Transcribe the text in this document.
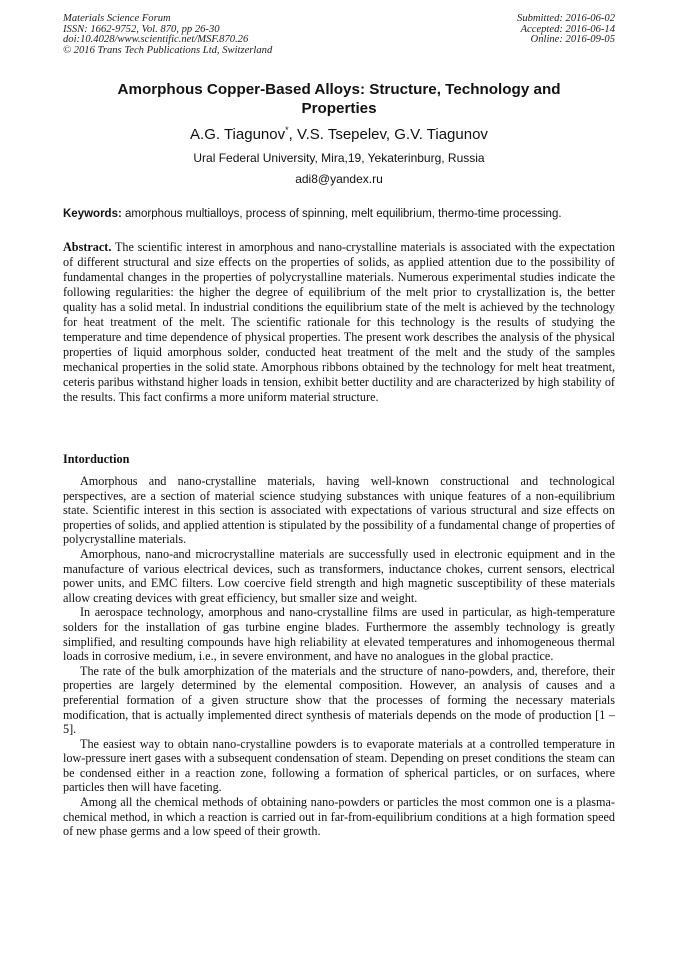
Materials Science Forum
ISSN: 1662-9752, Vol. 870, pp 26-30
doi:10.4028/www.scientific.net/MSF.870.26
© 2016 Trans Tech Publications Ltd, Switzerland
Submitted: 2016-06-02
Accepted: 2016-06-14
Online: 2016-09-05
Amorphous Copper-Based Alloys: Structure, Technology and Properties
A.G. Tiagunov*, V.S. Tsepelev, G.V. Tiagunov
Ural Federal University, Mira,19, Yekaterinburg, Russia
adi8@yandex.ru
Keywords: amorphous multialloys, process of spinning, melt equilibrium, thermo-time processing.
Abstract. The scientific interest in amorphous and nano-crystalline materials is associated with the expectation of different structural and size effects on the properties of solids, as applied attention due to the possibility of fundamental changes in the properties of polycrystalline materials. Numerous experimental studies indicate the following regularities: the higher the degree of equilibrium of the melt prior to crystallization is, the better quality has a solid metal. In industrial conditions the equilibrium state of the melt is achieved by the technology for heat treatment of the melt. The scientific rationale for this technology is the results of studying the temperature and time dependence of physical properties. The present work describes the analysis of the physical properties of liquid amorphous solder, conducted heat treatment of the melt and the study of the samples mechanical properties in the solid state. Amorphous ribbons obtained by the technology for melt heat treatment, ceteris paribus withstand higher loads in tension, exhibit better ductility and are characterized by high stability of the results. This fact confirms a more uniform material structure.
Intorduction

Amorphous and nano-crystalline materials, having well-known constructional and technological perspectives, are a section of material science studying substances with unique features of a non-equilibrium state. Scientific interest in this section is associated with expectations of various structural and size effects on properties of solids, and applied attention is stipulated by the possibility of a fundamental change of properties of polycrystalline materials.

Amorphous, nano-and microcrystalline materials are successfully used in electronic equipment and in the manufacture of various electrical devices, such as transformers, inductance chokes, current sensors, electrical power units, and EMC filters. Low coercive field strength and high magnetic susceptibility of these materials allow creating devices with great efficiency, but smaller size and weight.

In aerospace technology, amorphous and nano-crystalline films are used in particular, as high-temperature solders for the installation of gas turbine engine blades. Furthermore the assembly technology is greatly simplified, and resulting compounds have high reliability at elevated temperatures and inhomogeneous thermal loads in corrosive medium, i.e., in severe environment, and have no analogues in the global practice.

The rate of the bulk amorphization of the materials and the structure of nano-powders, and, therefore, their properties are largely determined by the elemental composition. However, an analysis of causes and a preferential formation of a given structure show that the processes of forming the necessary materials modification, that is actually implemented direct synthesis of materials depends on the mode of production [1 – 5].

The easiest way to obtain nano-crystalline powders is to evaporate materials at a controlled temperature in low-pressure inert gases with a subsequent condensation of steam. Depending on preset conditions the steam can be condensed either in a reaction zone, following a formation of spherical particles, or on surfaces, where particles then will have faceting.

Among all the chemical methods of obtaining nano-powders or particles the most common one is a plasma-chemical method, in which a reaction is carried out in far-from-equilibrium conditions at a high formation speed of new phase germs and a low speed of their growth.
